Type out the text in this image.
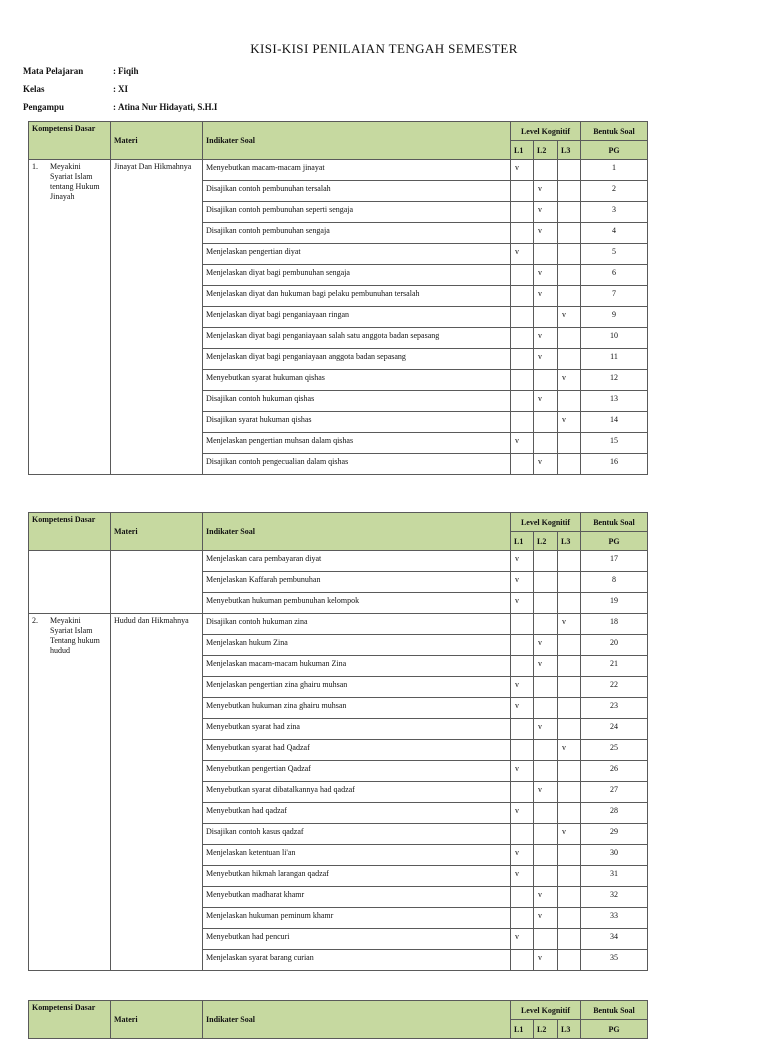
KISI-KISI PENILAIAN TENGAH SEMESTER
Mata Pelajaran	: Fiqih
Kelas	: XI
Pengampu	: Atina Nur Hidayati, S.H.I
Kompetensi Dasar	Materi	Indikater Soal	Level Kognitif			Bentuk Soal
			L1	L2	L3	PG
1. Meyakini Syariat Islam tentang Hukum Jinayah	Jinayat Dan Hikmahnya	Menyebutkan macam-macam jinayat	v			1
		Disajikan contoh pembunuhan tersalah		v		2
		Disajikan contoh pembunuhan seperti sengaja		v		3
		Disajikan contoh pembunuhan sengaja		v		4
		Menjelaskan pengertian diyat	v			5
		Menjelaskan diyat bagi pembunuhan sengaja		v		6
		Menjelaskan diyat dan hukuman bagi pelaku pembunuhan tersalah		v		7
		Menjelaskan diyat bagi penganiayaan ringan			v	9
		Menjelaskan diyat bagi penganiayaan salah satu anggota badan sepasang		v		10
		Menjelaskan diyat bagi penganiayaan anggota badan sepasang		v		11
		Menyebutkan syarat hukuman qishas			v	12
		Disajikan contoh hukuman qishas		v		13
		Disajikan syarat hukuman qishas			v	14
		Menjelaskan pengertian muhsan dalam qishas	v			15
		Disajikan contoh pengecualian dalam qishas		v		16
Kompetensi Dasar	Materi	Indikater Soal	Level Kognitif			Bentuk Soal
			L1	L2	L3	PG
		Menjelaskan cara pembayaran diyat	v			17
		Menjelaskan Kaffarah pembunuhan	v			8
		Menyebutkan hukuman pembunuhan kelompok	v			19
2. Meyakini Syariat Islam Tentang hukum hudud	Hudud dan Hikmahnya	Disajikan contoh hukuman zina			v	18
		Menjelaskan hukum Zina		v		20
		Menjelaskan macam-macam hukuman Zina		v		21
		Menjelaskan pengertian zina ghairu muhsan	v			22
		Menyebutkan hukuman zina ghairu muhsan	v			23
		Menyebutkan syarat had zina		v		24
		Menyebutkan syarat had Qadzaf			v	25
		Menyebutkan pengertian Qadzaf	v			26
		Menyebutkan syarat dibatalkannya had qadzaf		v		27
		Menyebutkan had qadzaf	v			28
		Disajikan contoh kasus qadzaf			v	29
		Menjelaskan ketentuan li'an	v			30
		Menyebutkan hikmah larangan qadzaf	v			31
		Menyebutkan madharat khamr		v		32
		Menjelaskan hukuman peminum khamr		v		33
		Menyebutkan had pencuri	v			34
		Menjelaskan syarat barang curian		v		35
Kompetensi Dasar	Materi	Indikater Soal	Level Kognitif			Bentuk Soal
			L1	L2	L3	PG
